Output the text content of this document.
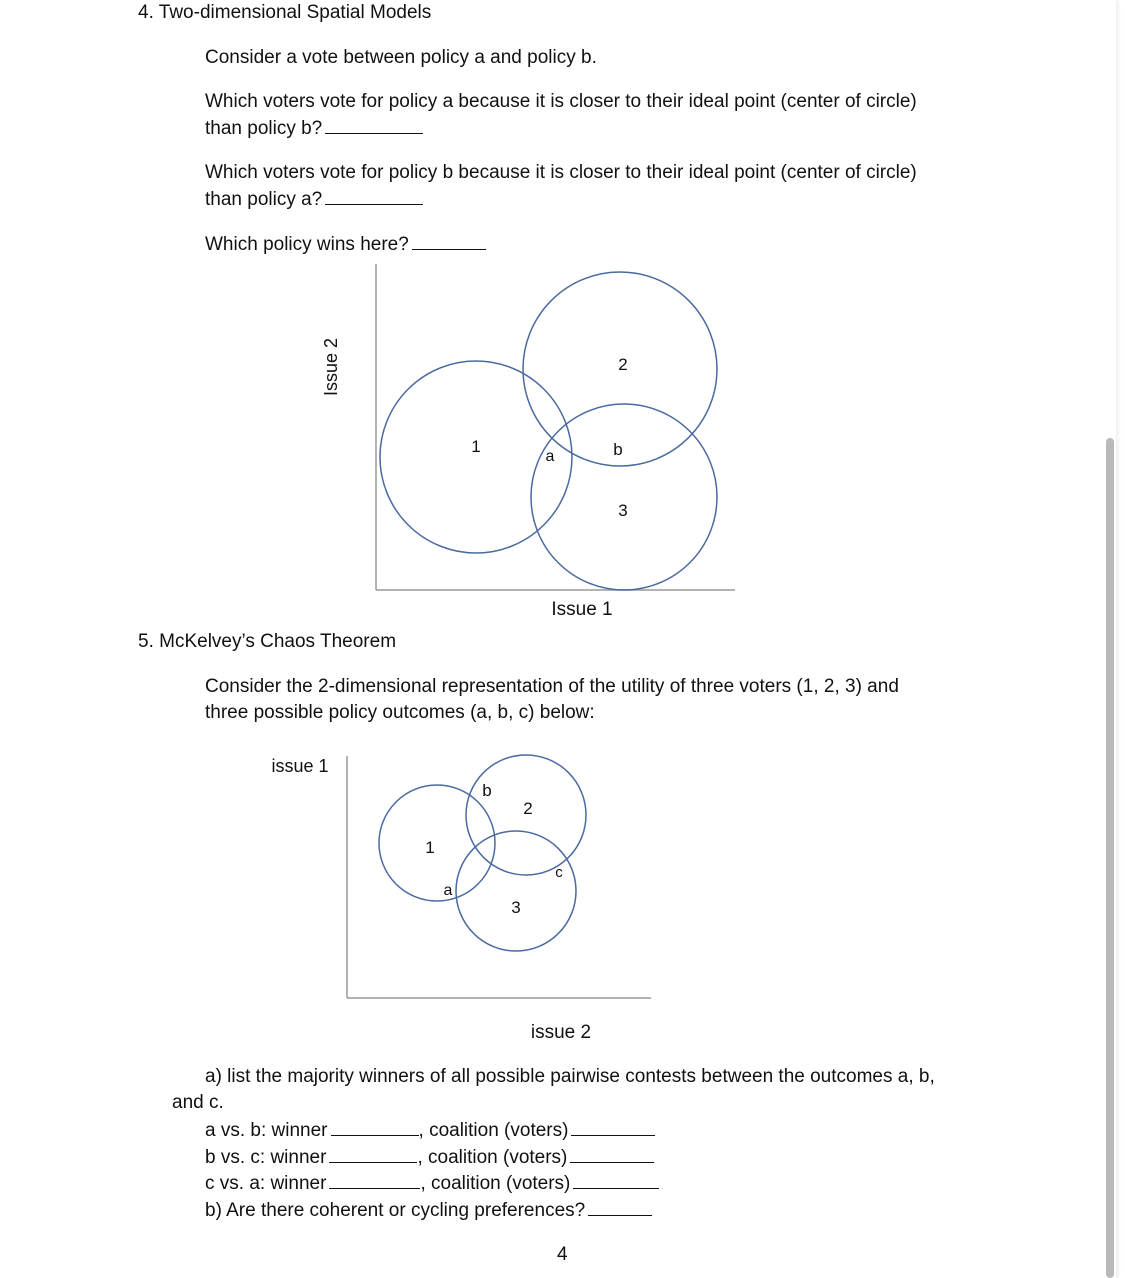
4. Two-dimensional Spatial Models
Consider a vote between policy a and policy b.
Which voters vote for policy a because it is closer to their ideal point (center of circle)
than policy b?
Which voters vote for policy b because it is closer to their ideal point (center of circle)
than policy a?
Which policy wins here?
Issue 2
Issue 1
1
2
3
a	b
5. McKelvey’s Chaos Theorem
Consider the 2-dimensional representation of the utility of three voters (1, 2, 3) and
three possible policy outcomes (a, b, c) below:
issue 1
issue 2
1
2
3
a
b
c
a) list the majority winners of all possible pairwise contests between the outcomes a, b,
and c.
a vs. b: winner	, coalition (voters)
b vs. c: winner	, coalition (voters)
c vs. a: winner	, coalition (voters)
b) Are there coherent or cycling preferences?
4
